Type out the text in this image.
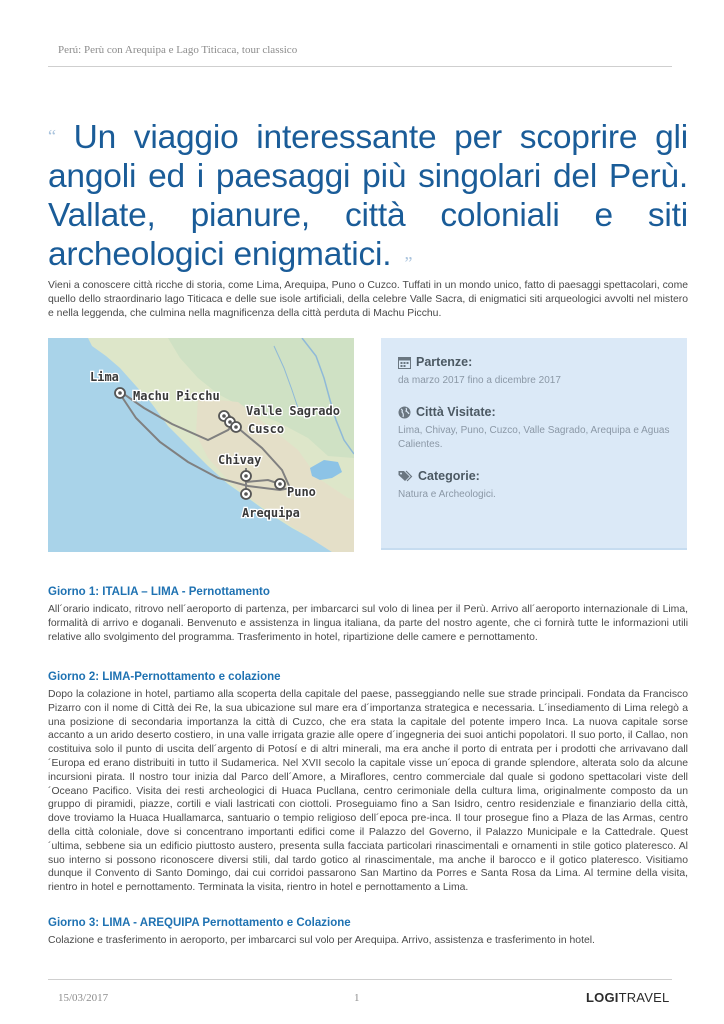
Perú: Perù con Arequipa e Lago Titicaca, tour classico
“ Un viaggio interessante per scoprire gli angoli ed i paesaggi più singolari del Perù. Vallate, pianure, città coloniali e siti archeologici enigmatici. ”
Vieni a conoscere città ricche di storia, come Lima, Arequipa, Puno o Cuzco. Tuffati in un mondo unico, fatto di paesaggi spettacolari, come quello dello straordinario lago Titicaca e delle sue isole artificiali, della celebre Valle Sacra, di enigmatici siti arqueologici avvolti nel mistero e nella leggenda, che culmina nella magnificenza della città perduta di Machu Picchu.
Lima
Machu Picchu
Valle Sagrado
Cusco
Chivay
Puno
Arequipa
Partenze:
da marzo 2017 fino a dicembre 2017
Città Visitate:
Lima, Chivay, Puno, Cuzco, Valle Sagrado, Arequipa e Aguas Calientes.
Categorie:
Natura e Archeologici.
Giorno 1: ITALIA – LIMA - Pernottamento
All´orario indicato, ritrovo nell´aeroporto di partenza, per imbarcarci sul volo di linea per il Perù. Arrivo all´aeroporto internazionale di Lima, formalità di arrivo e doganali. Benvenuto e assistenza in lingua italiana, da parte del nostro agente, che ci fornirà tutte le informazioni utili relative allo svolgimento del programma. Trasferimento in hotel, ripartizione delle camere e pernottamento.
Giorno 2: LIMA-Pernottamento e colazione
Dopo la colazione in hotel, partiamo alla scoperta della capitale del paese, passeggiando nelle sue strade principali. Fondata da Francisco Pizarro con il nome di Città dei Re, la sua ubicazione sul mare era d´importanza strategica e necessaria. L´insediamento di Lima relegò a una posizione di secondaria importanza la città di Cuzco, che era stata la capitale del potente impero Inca. La nuova capitale sorse accanto a un arido deserto costiero, in una valle irrigata grazie alle opere d´ingegneria dei suoi antichi popolatori. Il suo porto, il Callao, non costituiva solo il punto di uscita dell´argento di Potosí e di altri minerali, ma era anche il porto di entrata per i prodotti che arrivavano dall´Europa ed erano distribuiti in tutto il Sudamerica. Nel XVII secolo la capitale visse un´epoca di grande splendore, alterata solo da alcune incursioni pirata. Il nostro tour inizia dal Parco dell´Amore, a Miraflores, centro commerciale dal quale si godono spettacolari viste dell´Oceano Pacifico. Visita dei resti archeologici di Huaca Pucllana, centro cerimoniale della cultura lima, originalmente composto da un gruppo di piramidi, piazze, cortili e viali lastricati con ciottoli. Proseguiamo fino a San Isidro, centro residenziale e finanziario della città, dove troviamo la Huaca Huallamarca, santuario o tempio religioso dell´epoca pre-inca. Il tour prosegue fino a Plaza de las Armas, centro della città coloniale, dove si concentrano importanti edifici come il Palazzo del Governo, il Palazzo Municipale e la Cattedrale. Quest´ultima, sebbene sia un edificio piuttosto austero, presenta sulla facciata particolari rinascimentali e ornamenti in stile gotico plateresco. Al suo interno si possono riconoscere diversi stili, dal tardo gotico al rinascimentale, ma anche il barocco e il gotico plateresco. Visitiamo dunque il Convento di Santo Domingo, dai cui corridoi passarono San Martino da Porres e Santa Rosa da Lima. Al termine della visita, rientro in hotel e pernottamento. Terminata la visita, rientro in hotel e pernottamento a Lima.
Giorno 3: LIMA - AREQUIPA Pernottamento e Colazione
Colazione e trasferimento in aeroporto, per imbarcarci sul volo per Arequipa. Arrivo, assistenza e trasferimento in hotel.
15/03/2017	1	LOGITRAVEL
